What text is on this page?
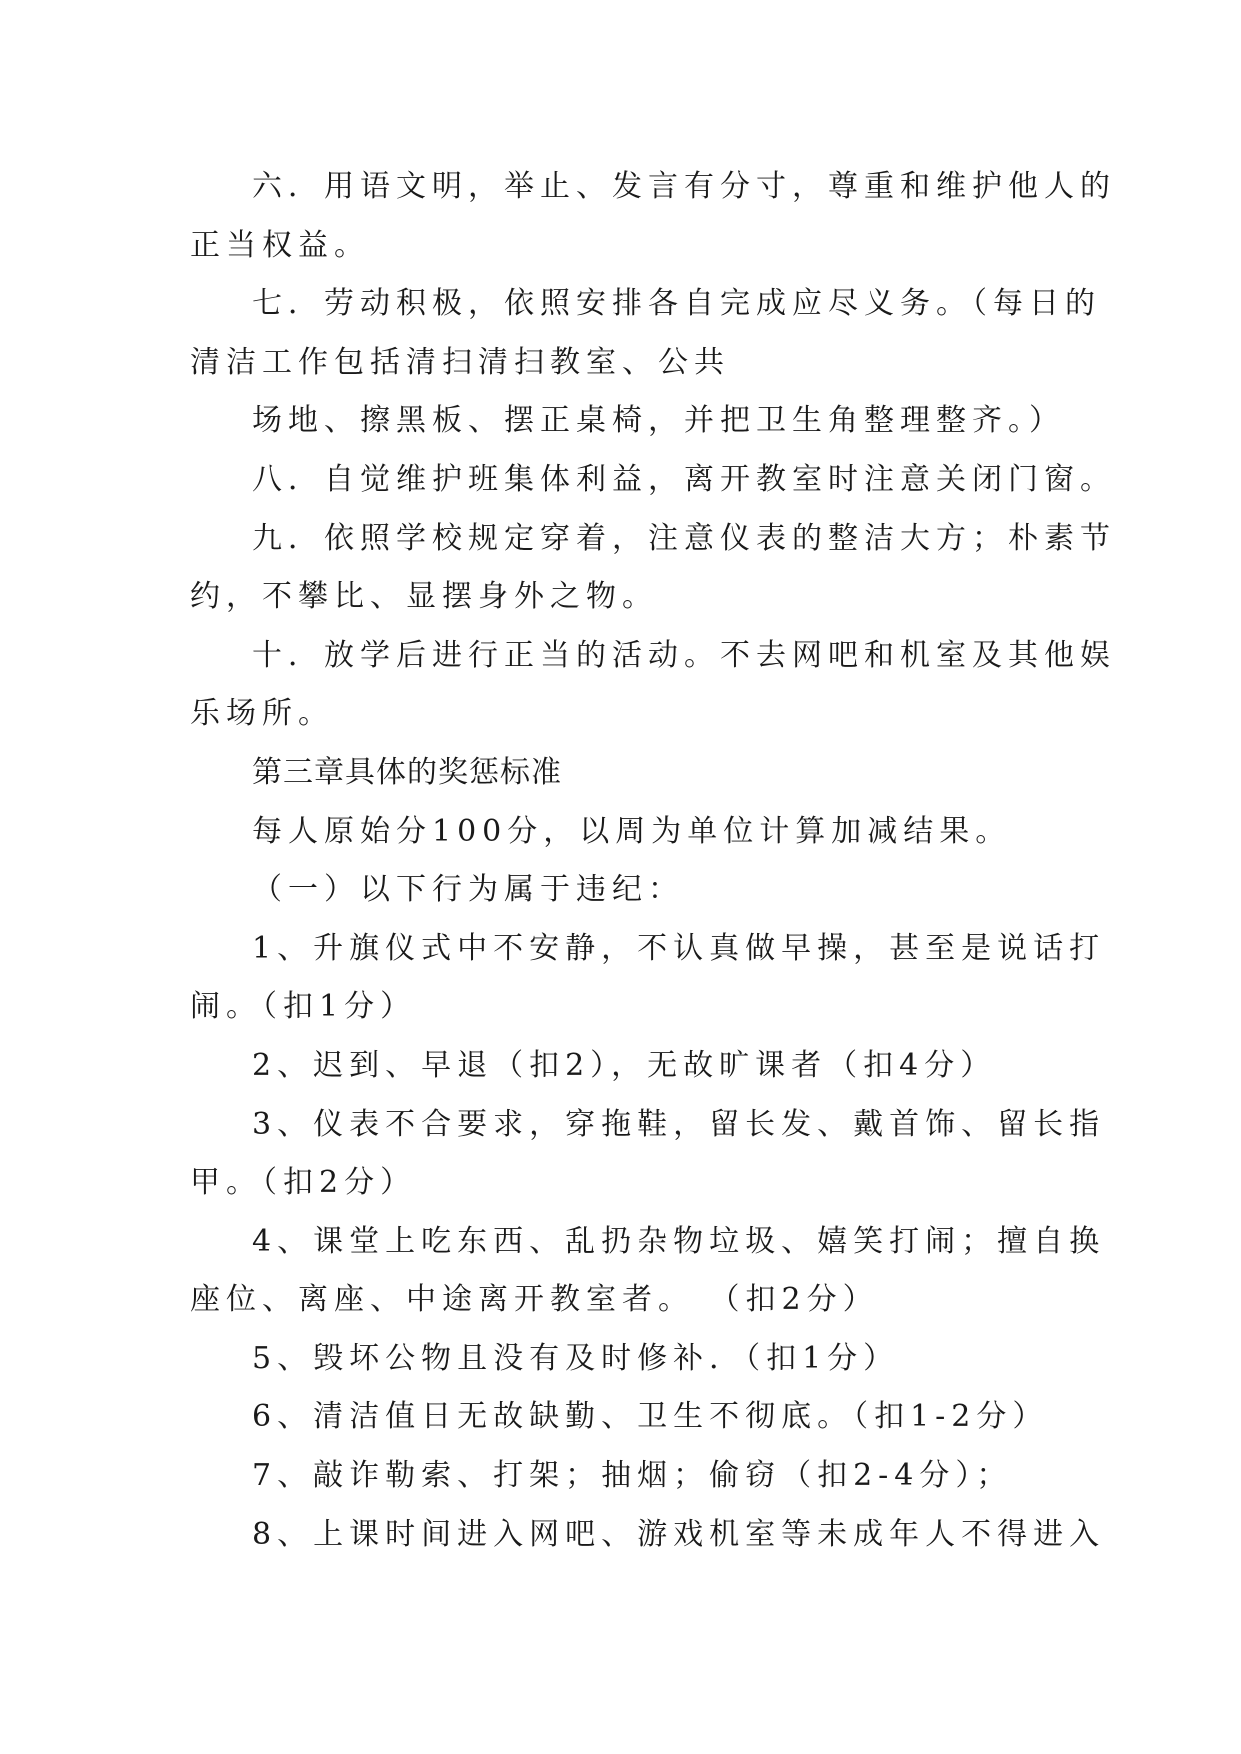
六．用语文明，举止、发言有分寸，尊重和维护他人的
正当权益。
七．劳动积极，依照安排各自完成应尽义务。（每日的
清洁工作包括清扫清扫教室、公共
场地、擦黑板、摆正桌椅，并把卫生角整理整齐。）
八．自觉维护班集体利益，离开教室时注意关闭门窗。
九．依照学校规定穿着，注意仪表的整洁大方；朴素节
约，不攀比、显摆身外之物。
十．放学后进行正当的活动。不去网吧和机室及其他娱
乐场所。
第三章具体的奖惩标准
每人原始分100分，以周为单位计算加减结果。
（一）以下行为属于违纪：
1、升旗仪式中不安静，不认真做早操，甚至是说话打
闹。（扣1分）
2、迟到、早退（扣2），无故旷课者（扣4分）
3、仪表不合要求，穿拖鞋，留长发、戴首饰、留长指
甲。（扣2分）
4、课堂上吃东西、乱扔杂物垃圾、嬉笑打闹；擅自换
座位、离座、中途离开教室者。 （扣2分）
5、毁坏公物且没有及时修补．（扣1分）
6、清洁值日无故缺勤、卫生不彻底。（扣1-2分）
7、敲诈勒索、打架；抽烟；偷窃（扣2-4分）；
8、上课时间进入网吧、游戏机室等未成年人不得进入
